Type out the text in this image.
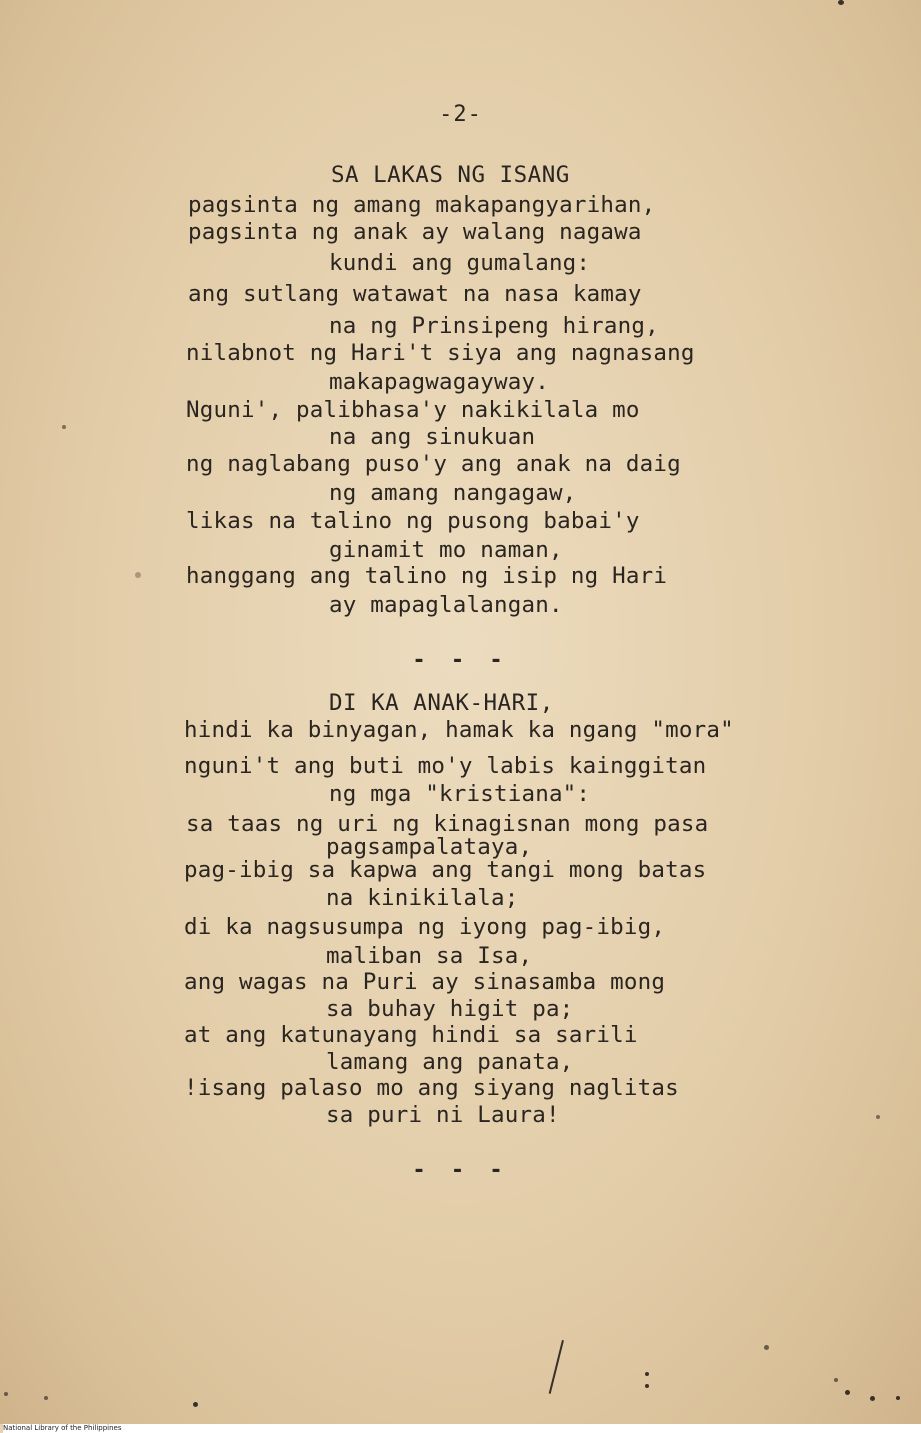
-2-
SA LAKAS NG ISANG
pagsinta ng amang makapangyarihan,
pagsinta ng anak ay walang nagawa
kundi ang gumalang:
ang sutlang watawat na nasa kamay
na ng Prinsipeng hirang,
nilabnot ng Hari't siya ang nagnasang
makapagwagayway.
Nguni', palibhasa'y nakikilala mo
na ang sinukuan
ng naglabang puso'y ang anak na daig
ng amang nangagaw,
likas na talino ng pusong babai'y
ginamit mo naman,
hanggang ang talino ng isip ng Hari
ay mapaglalangan.
- - -
DI KA ANAK-HARI,
hindi ka binyagan, hamak ka ngang "mora"
nguni't ang buti mo'y labis kainggitan
ng mga "kristiana":
sa taas ng uri ng kinagisnan mong pasa
pagsampalataya,
pag-ibig sa kapwa ang tangi mong batas
na kinikilala;
di ka nagsusumpa ng iyong pag-ibig,
maliban sa Isa,
ang wagas na Puri ay sinasamba mong
sa buhay higit pa;
at ang katunayang hindi sa sarili
lamang ang panata,
!isang palaso mo ang siyang naglitas
sa puri ni Laura!
- - -
National Library of the Philippines
